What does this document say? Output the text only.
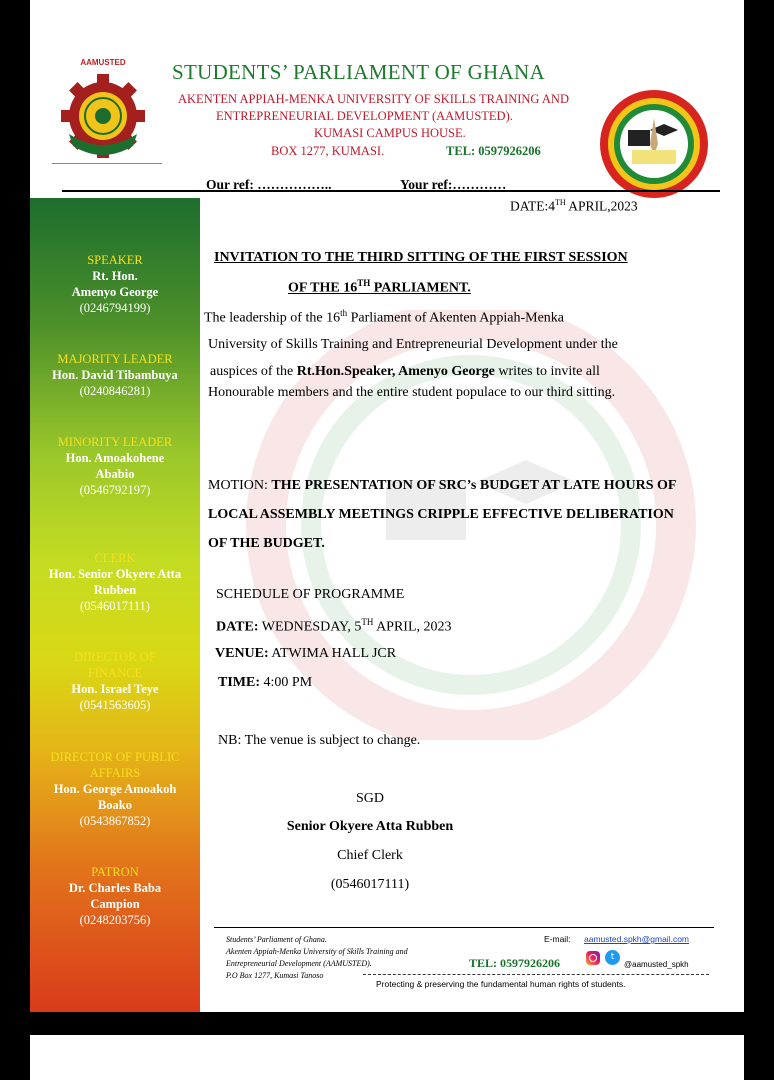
AAMUSTED	STUDENTS’ PARLIAMENT OF GHANA
AKENTEN APPIAH-MENKA UNIVERSITY OF SKILLS TRAINING AND
ENTREPRENEURIAL DEVELOPMENT (AAMUSTED).
KUMASI CAMPUS HOUSE.
BOX 1277, KUMASI.	TEL: 0597926206
Our ref: ……………..	Your ref:…………
DATE:4TH APRIL,2023
SPEAKER
Rt. Hon.
Amenyo George
(0246794199)
MAJORITY LEADER
Hon. David Tibambuya
(0240846281)
MINORITY LEADER
Hon. Amoakohene Ababio
(0546792197)
CLERK
Hon. Senior Okyere Atta Rubben
(0546017111)
DIRECTOR OF FINANCE
Hon. Israel Teye
(0541563605)
DIRECTOR OF PUBLIC AFFAIRS
Hon. George Amoakoh Boako
(0543867852)
PATRON
Dr. Charles Baba Campion
(0248203756)
INVITATION TO THE THIRD SITTING OF THE FIRST SESSION
OF THE 16TH PARLIAMENT.
The leadership of the 16th Parliament of Akenten Appiah-Menka
University of Skills Training and Entrepreneurial Development under the
auspices of the Rt.Hon.Speaker, Amenyo George writes to invite all
Honourable members and the entire student populace to our third sitting.
MOTION: THE PRESENTATION OF SRC’s BUDGET AT LATE HOURS OF LOCAL ASSEMBLY MEETINGS CRIPPLE EFFECTIVE DELIBERATION OF THE BUDGET.
SCHEDULE OF PROGRAMME
DATE: WEDNESDAY, 5TH APRIL, 2023
VENUE: ATWIMA HALL JCR
TIME: 4:00 PM
NB: The venue is subject to change.
SGD
Senior Okyere Atta Rubben
Chief Clerk
(0546017111)
Students’ Parliament of Ghana.
Akenten Appiah-Menka University of Skills Training and
Entrepreneurial Development (AAMUSTED).
P.O Box 1277, Kumasi Tanoso
E-mail: aamusted.spkh@gmail.com
TEL: 0597926206	t
@aamusted_spkh
Protecting & preserving the fundamental human rights of students.
